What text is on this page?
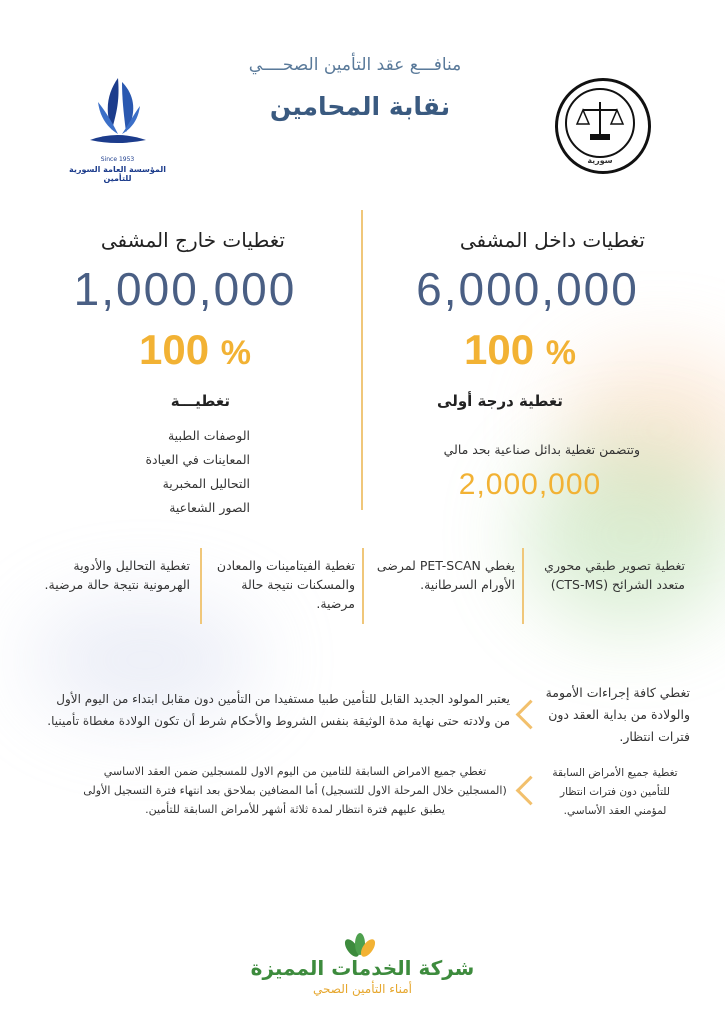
منافـــع عقد التأمين الصحــــي
نقابة المحامين
Since 1953
المؤسسة العامة السورية للتأمين
سورية
تغطيات داخل المشفى
6,000,000
100 %
تغطية درجة أولى
وتتضمن تغطية بدائل صناعية بحد مالي
2,000,000
تغطيات خارج المشفى
1,000,000
100 %
تغطيـــة
الوصفات الطبية
المعاينات في العيادة
التحاليل المخبرية
الصور الشعاعية
تغطية تصوير طبقي محوري متعدد الشرائح (CTS-MS)
يغطي PET-SCAN لمرضى الأورام السرطانية.
تغطية الفيتامينات والمعادن والمسكنات نتيجة حالة مرضية.
تغطية التحاليل والأدوية الهرمونية نتيجة حالة مرضية.
تغطي كافة إجراءات الأمومة والولادة من بداية العقد دون فترات انتظار.
يعتبر المولود الجديد القابل للتأمين طبيا مستفيدا من التأمين دون مقابل ابتداء من اليوم الأول من ولادته حتى نهاية مدة الوثيقة بنفس الشروط والأحكام شرط أن تكون الولادة مغطاة تأمينيا.
تغطية جميع الأمراض السابقة للتأمين دون فترات انتظار لمؤمني العقد الأساسي.
تغطي جميع الامراض السابقة للتامين من اليوم الاول للمسجلين ضمن العقد الاساسي (المسجلين خلال المرحلة الاول للتسجيل) أما المضافين بملاحق بعد انتهاء فترة التسجيل الأولى يطبق عليهم فترة انتظار لمدة ثلاثة أشهر للأمراض السابقة للتأمين.
شركة الخدمات المميزة
أمناء التأمين الصحي
